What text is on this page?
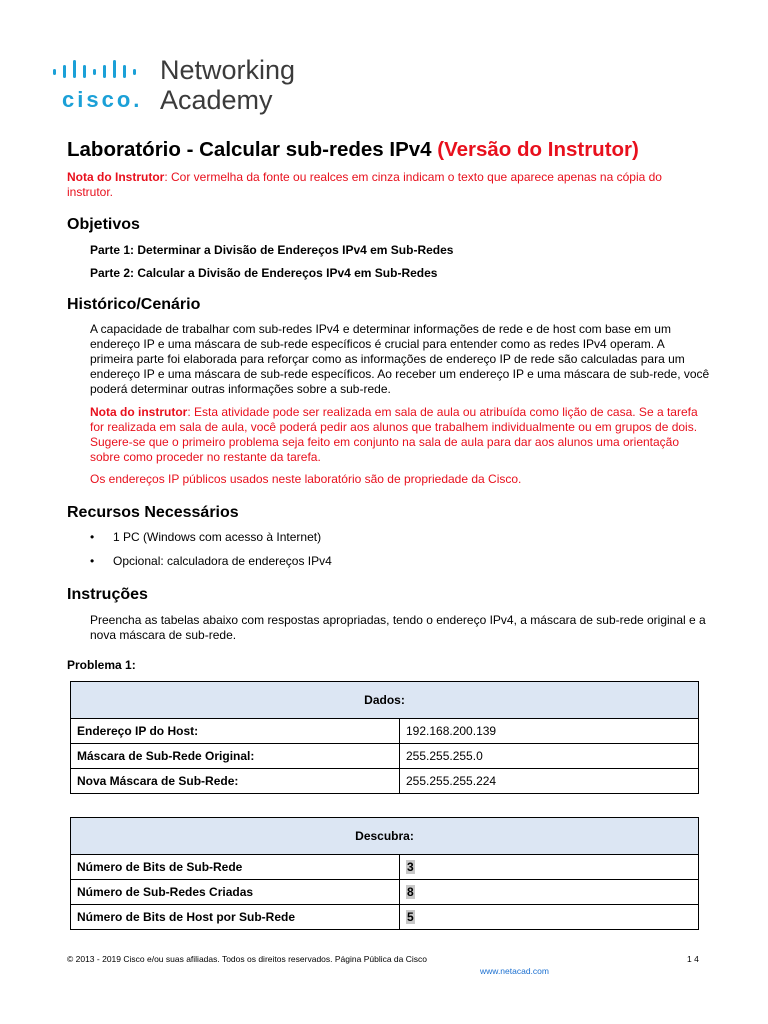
cisco.
Networking
Academy
Laboratório - Calcular sub-redes IPv4 (Versão do Instrutor)
Nota do Instrutor: Cor vermelha da fonte ou realces em cinza indicam o texto que aparece apenas na cópia do instrutor.
Objetivos
Parte 1: Determinar a Divisão de Endereços IPv4 em Sub-Redes
Parte 2: Calcular a Divisão de Endereços IPv4 em Sub-Redes
Histórico/Cenário
A capacidade de trabalhar com sub-redes IPv4 e determinar informações de rede e de host com base em um endereço IP e uma máscara de sub-rede específicos é crucial para entender como as redes IPv4 operam. A primeira parte foi elaborada para reforçar como as informações de endereço IP de rede são calculadas para um endereço IP e uma máscara de sub-rede específicos. Ao receber um endereço IP e uma máscara de sub-rede, você poderá determinar outras informações sobre a sub-rede.
Nota do instrutor: Esta atividade pode ser realizada em sala de aula ou atribuída como lição de casa. Se a tarefa for realizada em sala de aula, você poderá pedir aos alunos que trabalhem individualmente ou em grupos de dois. Sugere-se que o primeiro problema seja feito em conjunto na sala de aula para dar aos alunos uma orientação sobre como proceder no restante da tarefa.
Os endereços IP públicos usados neste laboratório são de propriedade da Cisco.
Recursos Necessários
• 1 PC (Windows com acesso à Internet)
• Opcional: calculadora de endereços IPv4
Instruções
Preencha as tabelas abaixo com respostas apropriadas, tendo o endereço IPv4, a máscara de sub-rede original e a nova máscara de sub-rede.
Problema 1:
Dados:	
Endereço IP do Host:	192.168.200.139
Máscara de Sub-Rede Original:	255.255.255.0
Nova Máscara de Sub-Rede:	255.255.255.224
Descubra:	
Número de Bits de Sub-Rede	3
Número de Sub-Redes Criadas	8
Número de Bits de Host por Sub-Rede	5
© 2013 - 2019 Cisco e/ou suas afiliadas. Todos os direitos reservados. Página Pública da Cisco	1 4
www.netacad.com
